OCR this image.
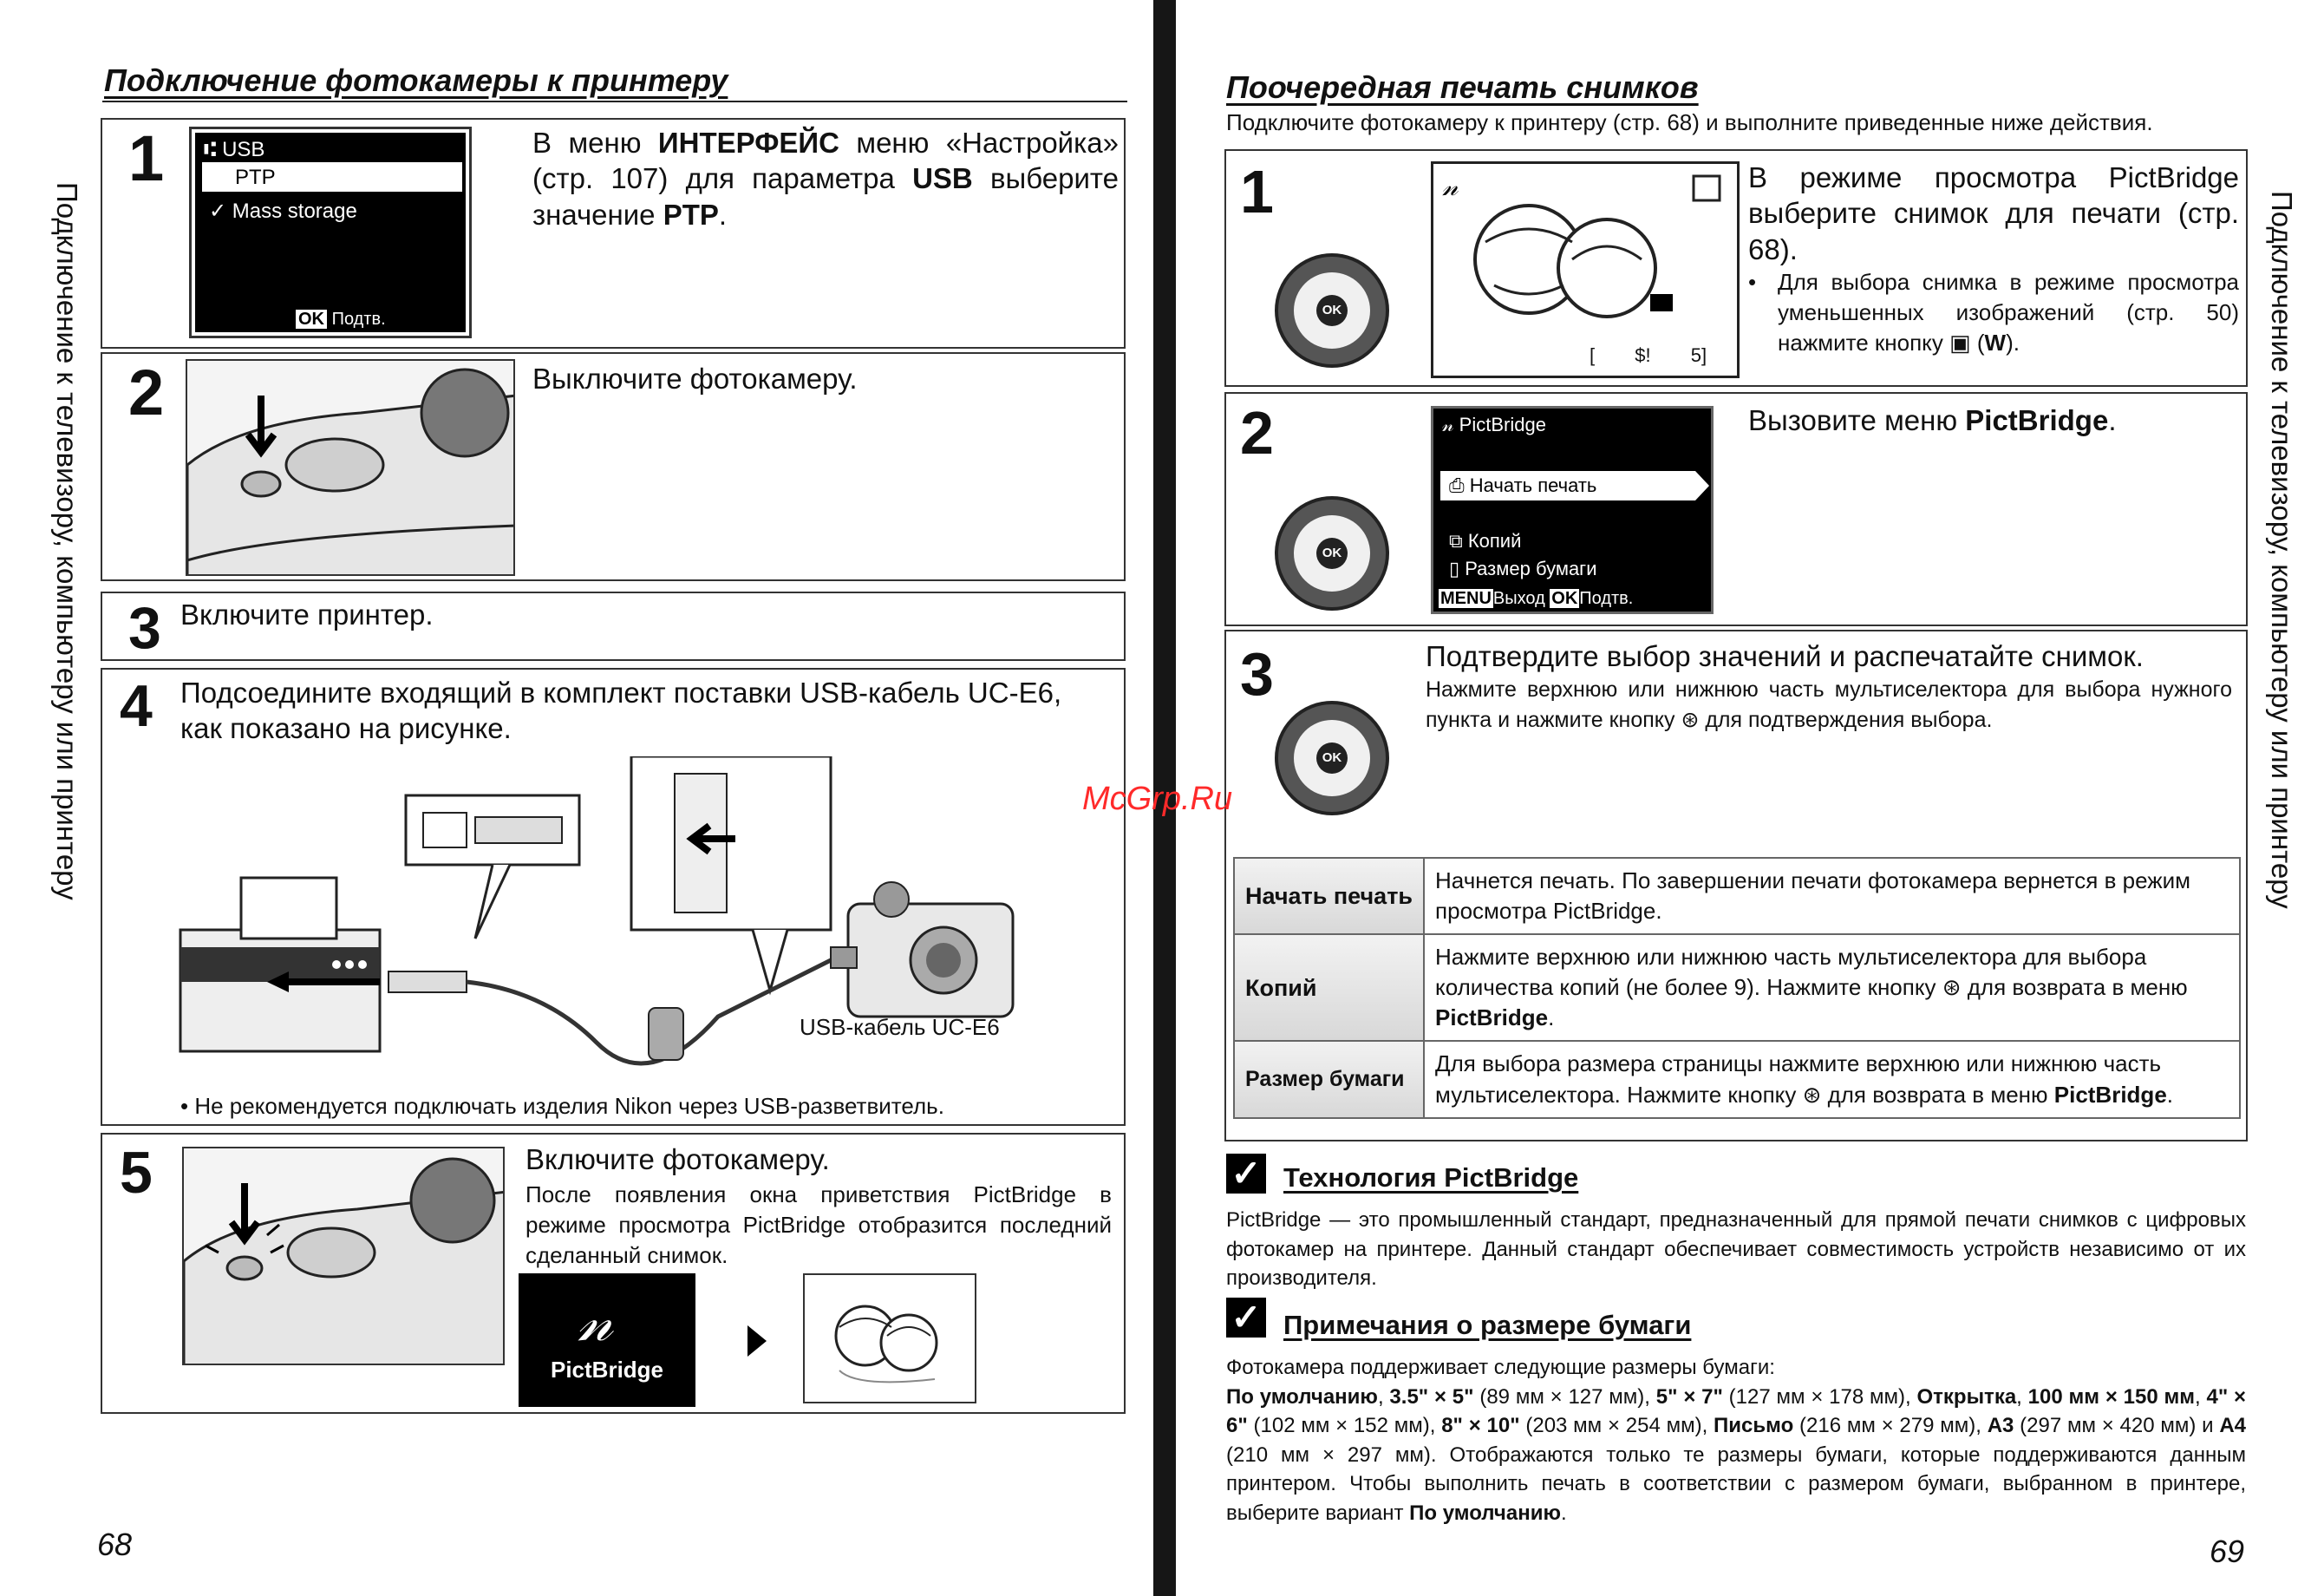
Подключение фотокамеры к принтеру
Подключение к телевизору, компьютеру или принтеру
1 ⑆ USB
PTP
✓ Mass storage
OK Подтв.
В меню ИНТЕРФЕЙС меню «Настройка» (стр. 107) для параметра USB выберите значение PTP.
2	Выключите фотокамеру.
3 Включите принтер.
4 Подсоедините входящий в комплект поставки USB-кабель UC-E6, как показано на рисунке.
USB-кабель UC-E6
• Не рекомендуется подключать изделия Nikon через USB-разветвитель.
5	Включите фотокамеру.
После появления окна приветствия PictBridge в режиме просмотра PictBridge отобразится последний сделанный снимок.
𝓃
PictBridge
68
Поочередная печать снимков
Подключите фотокамеру к принтеру (стр. 68) и выполните приведенные ниже действия.
Подключение к телевизору, компьютеру или принтеру
1
OK
𝓃
[ $! 5]
В режиме просмотра PictBridge выберите снимок для печати (стр. 68).
• Для выбора снимка в режиме просмотра уменьшенных изображений (стр. 50) нажмите кнопку ▣ (W).
2
OK
𝓃 PictBridge
⎙ Начать печать
⧉ Копий
▯ Размер бумаги
MENU Выход OK Подтв.
Вызовите меню PictBridge.
3
OK
Подтвердите выбор значений и распечатайте снимок.
Нажмите верхнюю или нижнюю часть мультиселектора для выбора нужного пункта и нажмите кнопку ⊛ для подтверждения выбора.
Начать печать	Начнется печать. По завершении печати фотокамера вернется в режим просмотра PictBridge.
Копий	Нажмите верхнюю или нижнюю часть мультиселектора для выбора количества копий (не более 9). Нажмите кнопку ⊛ для возврата в меню PictBridge.
Размер бумаги	Для выбора размера страницы нажмите верхнюю или нижнюю часть мультиселектора. Нажмите кнопку ⊛ для возврата в меню PictBridge.
McGrp.Ru
✓ Технология PictBridge
PictBridge — это промышленный стандарт, предназначенный для прямой печати снимков с цифровых фотокамер на принтере. Данный стандарт обеспечивает совместимость устройств независимо от их производителя.
✓ Примечания о размере бумаги
Фотокамера поддерживает следующие размеры бумаги:
По умолчанию, 3.5" × 5" (89 мм × 127 мм), 5" × 7" (127 мм × 178 мм), Открытка, 100 мм × 150 мм, 4" × 6" (102 мм × 152 мм), 8" × 10" (203 мм × 254 мм), Письмо (216 мм × 279 мм), A3 (297 мм × 420 мм) и A4 (210 мм × 297 мм). Отображаются только те размеры бумаги, которые поддерживаются данным принтером. Чтобы выполнить печать в соответствии с размером бумаги, выбранном в принтере, выберите вариант По умолчанию.
69
